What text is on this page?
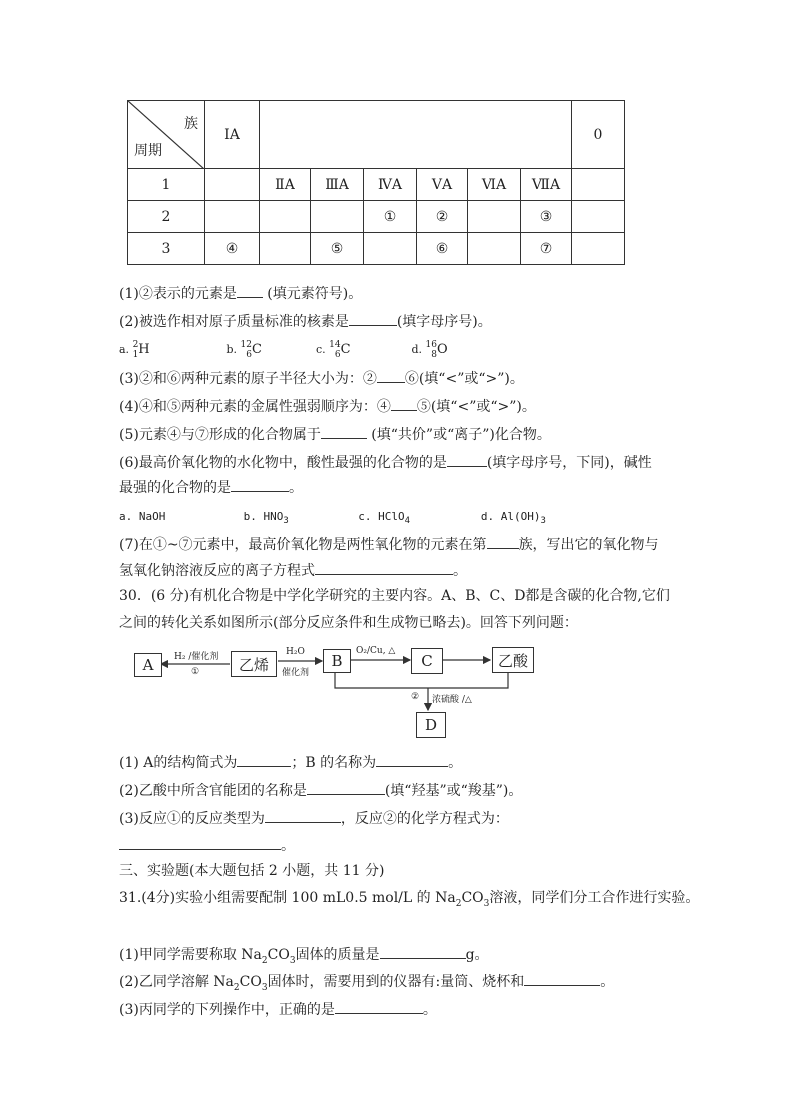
族
周期	ⅠA							0
1		ⅡA	ⅢA	ⅣA	ⅤA	ⅥA	ⅦA	
2				①	②		③	
3	④		⑤		⑥		⑦	
(1)②表示的元素是 (填元素符号)。
(2)被选作相对原子质量标准的核素是	(填字母序号)。
a. 2
1H	b. 12
6C	c. 14
6C	d. 16
8O
(3)②和⑥两种元素的原子半径大小为：② ⑥(填“<”或“>”)。
(4)④和⑤两种元素的金属性强弱顺序为：④ ⑤(填“<”或“>”)。
(5)元素④与⑦形成的化合物属于	(填“共价”或“离子”)化合物。
(6)最高价氧化物的水化物中，酸性最强的化合物的是	(填字母序号，下同)，碱性
最强的化合物的是	。
a. NaOH	b. $HNO_3$	c. HClO$_4$	d. $Al(OH)_3$
(7)在①~⑦元素中，最高价氧化物是两性氧化物的元素在第 族，写出它的氧化物与
氢氧化钠溶液反应的离子方程式	。
30．(6 分)有机化合物是中学化学研究的主要内容。A、B、C、D都是含碳的化合物,它们
之间的转化关系如图所示(部分反应条件和生成物已略去)。回答下列问题：
A	乙烯	B	C	乙酸
D
H₂ /催化剂
①
H₂O
催化剂
O₂/Cu, △
② 浓硫酸 /△
(1) A的结构简式为	；B 的名称为	。
(2)乙酸中所含官能团的名称是	(填“羟基”或“羧基”)。
(3)反应①的反应类型为	，反应②的化学方程式为：
。
三、实验题(本大题包括 2 小题，共 11 分)
31.(4分)实验小组需要配制 100 mL0.5 mol/L 的 $Na_2CO_3$溶液，同学们分工合作进行实验。
(1)甲同学需要称取 $Na_2CO_3$固体的质量是	g。
(2)乙同学溶解 $Na_2CO_3$固体时，需要用到的仪器有:量筒、烧杯和	。
(3)丙同学的下列操作中，正确的是	。
